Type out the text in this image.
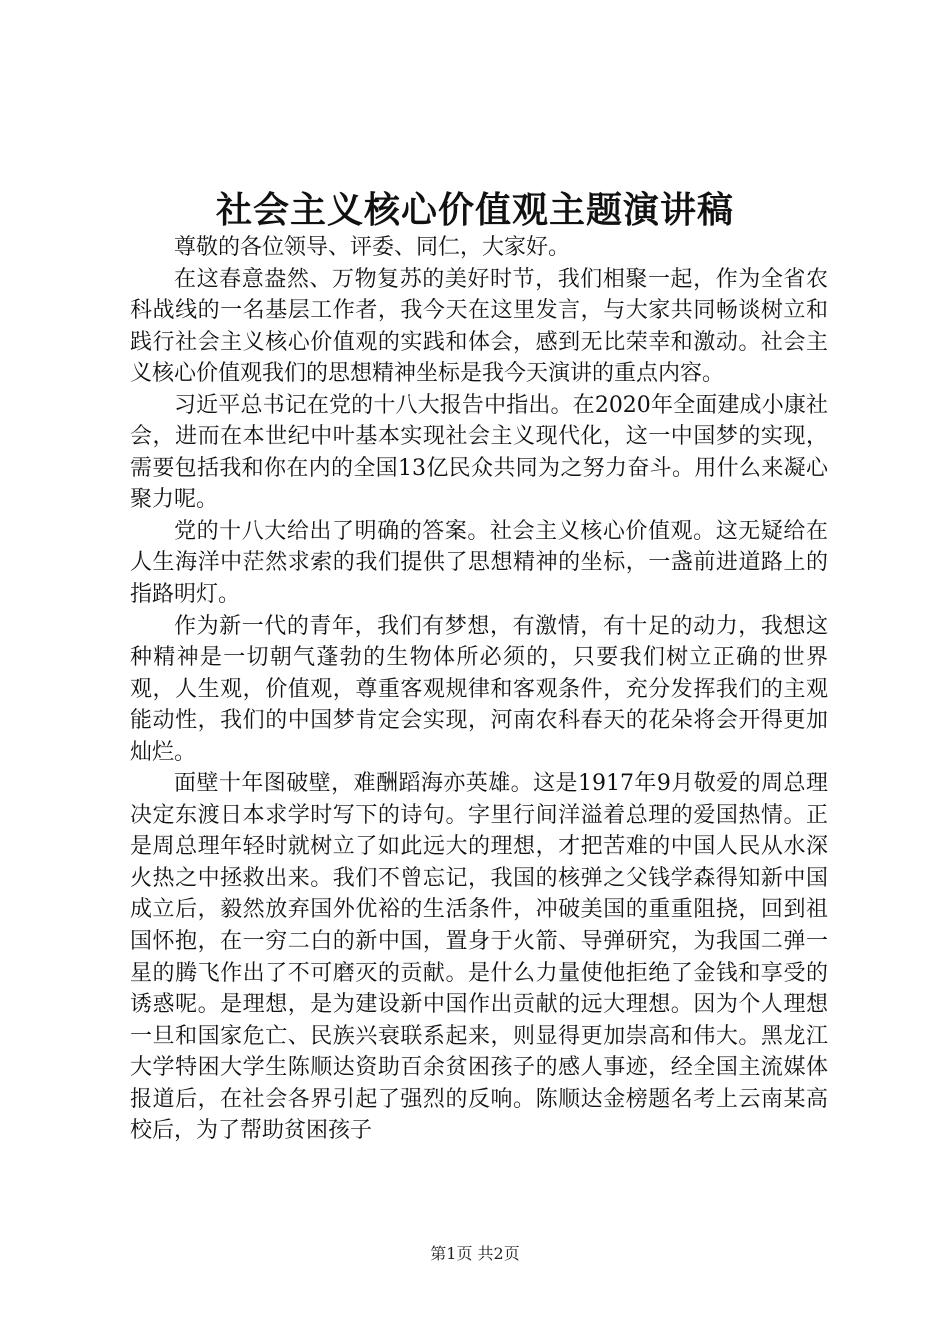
社会主义核心价值观主题演讲稿

尊敬的各位领导、评委、同仁，大家好。

在这春意盎然、万物复苏的美好时节，我们相聚一起，作为全省农科战线的一名基层工作者，我今天在这里发言，与大家共同畅谈树立和践行社会主义核心价值观的实践和体会，感到无比荣幸和激动。社会主义核心价值观我们的思想精神坐标是我今天演讲的重点内容。

习近平总书记在党的十八大报告中指出。在2020年全面建成小康社会，进而在本世纪中叶基本实现社会主义现代化，这一中国梦的实现，需要包括我和你在内的全国13亿民众共同为之努力奋斗。用什么来凝心聚力呢。

党的十八大给出了明确的答案。社会主义核心价值观。这无疑给在人生海洋中茫然求索的我们提供了思想精神的坐标，一盏前进道路上的指路明灯。

作为新一代的青年，我们有梦想，有激情，有十足的动力，我想这种精神是一切朝气蓬勃的生物体所必须的，只要我们树立正确的世界观，人生观，价值观，尊重客观规律和客观条件，充分发挥我们的主观能动性，我们的中国梦肯定会实现，河南农科春天的花朵将会开得更加灿烂。

面壁十年图破壁，难酬蹈海亦英雄。这是1917年9月敬爱的周总理决定东渡日本求学时写下的诗句。字里行间洋溢着总理的爱国热情。正是周总理年轻时就树立了如此远大的理想，才把苦难的中国人民从水深火热之中拯救出来。我们不曾忘记，我国的核弹之父钱学森得知新中国成立后，毅然放弃国外优裕的生活条件，冲破美国的重重阻挠，回到祖国怀抱，在一穷二白的新中国，置身于火箭、导弹研究，为我国二弹一星的腾飞作出了不可磨灭的贡献。是什么力量使他拒绝了金钱和享受的诱惑呢。是理想，是为建设新中国作出贡献的远大理想。因为个人理想一旦和国家危亡、民族兴衰联系起来，则显得更加崇高和伟大。黑龙江大学特困大学生陈顺达资助百余贫困孩子的感人事迹，经全国主流媒体报道后，在社会各界引起了强烈的反响。陈顺达金榜题名考上云南某高校后，为了帮助贫困孩子

第1页 共2页
